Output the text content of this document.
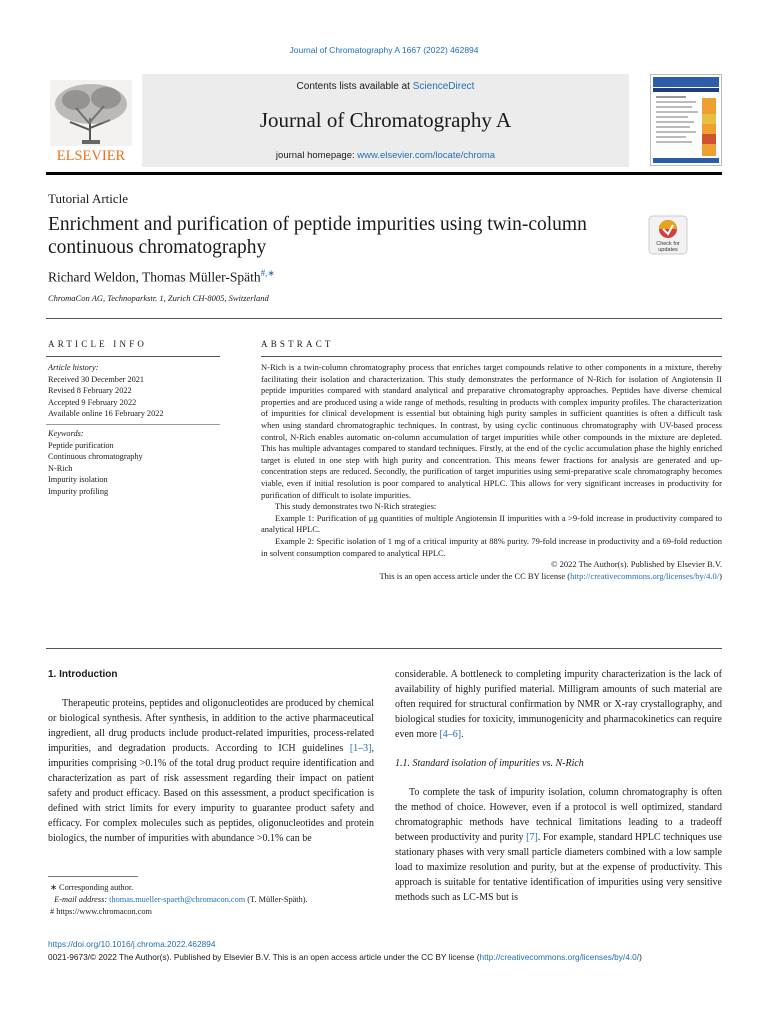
Journal of Chromatography A 1667 (2022) 462894
ELSEVIER
Contents lists available at ScienceDirect
Journal of Chromatography A
journal homepage: www.elsevier.com/locate/chroma
Tutorial Article
Enrichment and purification of peptide impurities using twin-column continuous chromatography	Check for
updates
Richard Weldon, Thomas Müller-Späth#,∗
ChromaCon AG, Technoparkstr. 1, Zurich CH-8005, Switzerland
ARTICLE INFO	ABSTRACT
Article history:
Received 30 December 2021
Revised 8 February 2022
Accepted 9 February 2022
Available online 16 February 2022
Keywords:
Peptide purification
Continuous chromatography
N-Rich
Impurity isolation
Impurity profiling

N-Rich is a twin-column chromatography process that enriches target compounds relative to other components in a mixture, thereby facilitating their isolation and characterization. This study demonstrates the performance of N-Rich for isolation of Angiotensin II peptide impurities compared with standard analytical and preparative chromatography approaches. Peptides have diverse chemical properties and are produced using a wide range of methods, resulting in products with complex impurity profiles. The characterization of impurities for clinical development is essential but obtaining high purity samples in sufficient quantities is often a difficult task when using standard chromatographic techniques. In contrast, by using cyclic continuous chromatography with UV-based process control, N-Rich enables automatic on-column accumulation of target impurities while other compounds in the mixture are depleted. This has multiple advantages compared to standard techniques. Firstly, at the end of the cyclic accumulation phase the highly enriched target is eluted in one step with high purity and concentration. This means fewer fractions for analysis are generated and up-concentration steps are reduced. Secondly, the purification of target impurities using semi-preparative scale chromatography becomes viable, even if initial resolution is poor compared to analytical HPLC. This allows for very significant increases in productivity for purification of difficult to isolate impurities.

This study demonstrates two N-Rich strategies:

Example 1: Purification of μg quantities of multiple Angiotensin II impurities with a >9-fold increase in productivity compared to analytical HPLC.

Example 2: Specific isolation of 1 mg of a critical impurity at 88% purity. 79-fold increase in productivity and a 69-fold reduction in solvent consumption compared to analytical HPLC.

© 2022 The Author(s). Published by Elsevier B.V.

This is an open access article under the CC BY license (http://creativecommons.org/licenses/by/4.0/)

1. Introduction

Therapeutic proteins, peptides and oligonucleotides are produced by chemical or biological synthesis. After synthesis, in addition to the active pharmaceutical ingredient, all drug products include product-related impurities, process-related impurities, and degradation products. According to ICH guidelines [1–3], impurities comprising >0.1% of the total drug product require identification and characterization as part of risk assessment regarding their impact on patient safety and product efficacy. Based on this assessment, a product specification is defined with strict limits for every impurity to guarantee product safety and efficacy. For complex molecules such as peptides, oligonucleotides and protein biologics, the number of impurities with abundance >0.1% can be

considerable. A bottleneck to completing impurity characterization is the lack of availability of highly purified material. Milligram amounts of such material are often required for structural confirmation by NMR or X-ray crystallography, and biological studies for toxicity, immunogenicity and pharmacokinetics can require even more [4–6].

1.1. Standard isolation of impurities vs. N-Rich

To complete the task of impurity isolation, column chromatography is often the method of choice. However, even if a protocol is well optimized, standard chromatographic methods have technical limitations leading to a tradeoff between productivity and purity [7]. For example, standard HPLC techniques use stationary phases with very small particle diameters combined with a low sample load to maximize resolution and purity, but at the expense of productivity. This approach is suitable for tentative identification of impurities using very sensitive methods such as LC-MS but is

∗ Corresponding author.
E-mail address: thomas.mueller-spaeth@chromacon.com (T. Müller-Späth).
# https://www.chromacon.com
https://doi.org/10.1016/j.chroma.2022.462894
0021-9673/© 2022 The Author(s). Published by Elsevier B.V. This is an open access article under the CC BY license (http://creativecommons.org/licenses/by/4.0/)
